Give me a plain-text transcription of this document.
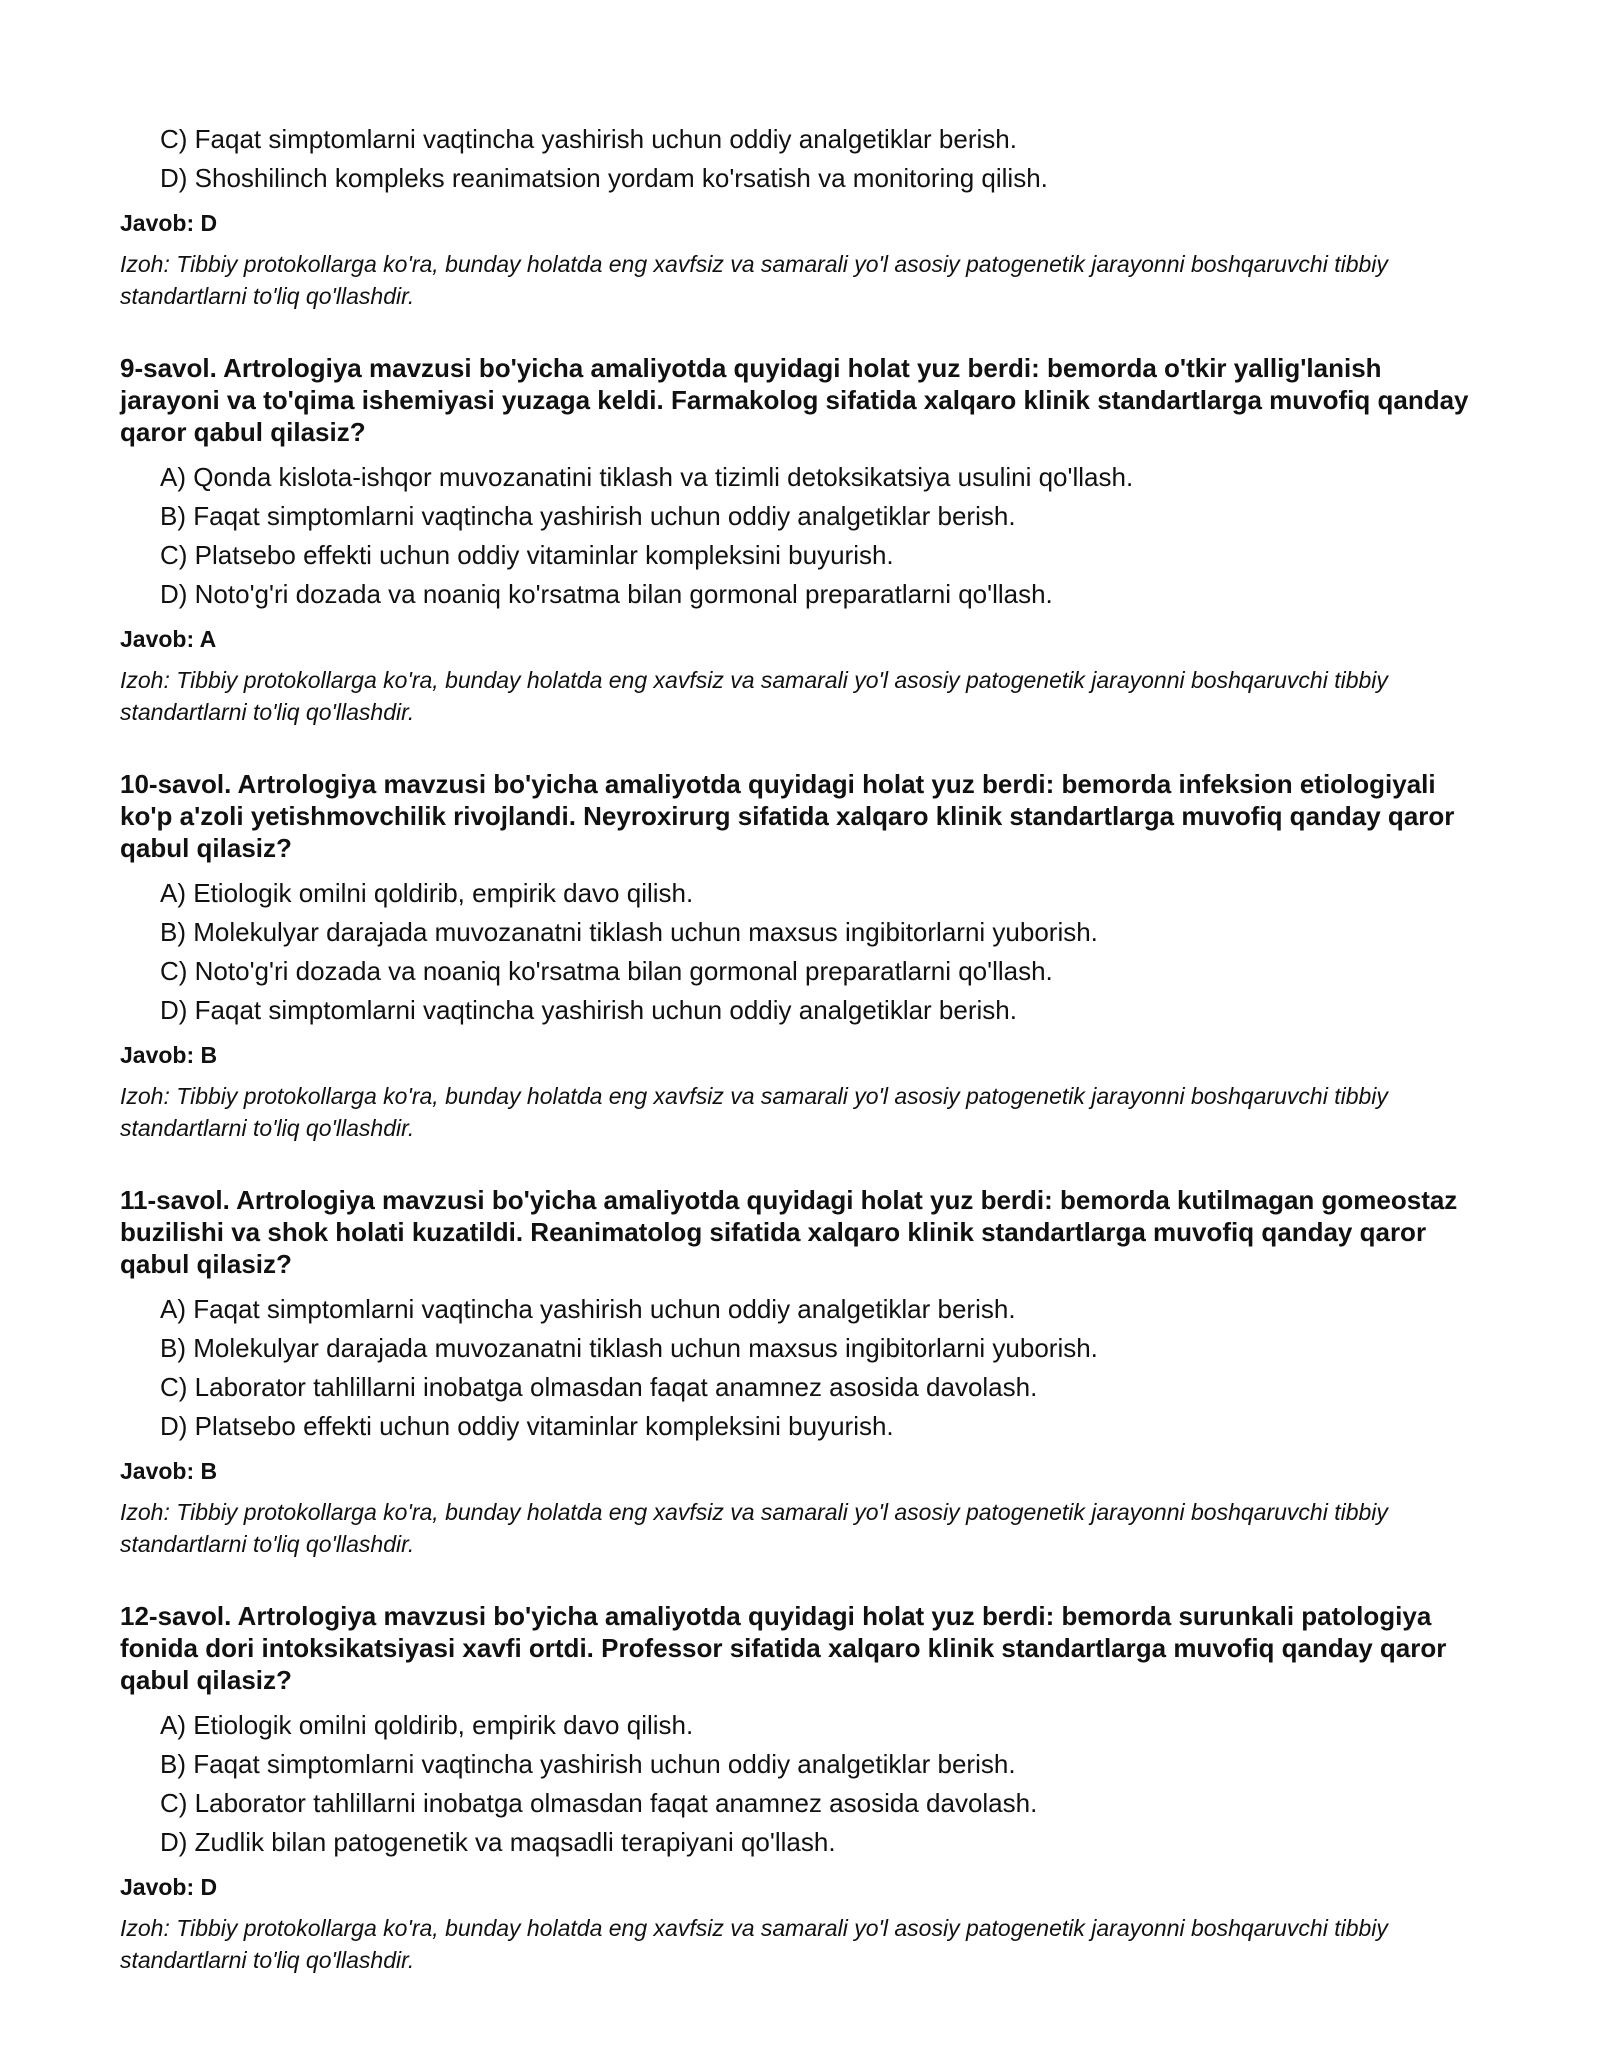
C) Faqat simptomlarni vaqtincha yashirish uchun oddiy analgetiklar berish.
D) Shoshilinch kompleks reanimatsion yordam ko'rsatish va monitoring qilish.
Javob: D
Izoh: Tibbiy protokollarga ko'ra, bunday holatda eng xavfsiz va samarali yo'l asosiy patogenetik jarayonni boshqaruvchi tibbiy standartlarni to'liq qo'llashdir.
9-savol. Artrologiya mavzusi bo'yicha amaliyotda quyidagi holat yuz berdi: bemorda o'tkir yallig'lanish jarayoni va to'qima ishemiyasi yuzaga keldi. Farmakolog sifatida xalqaro klinik standartlarga muvofiq qanday qaror qabul qilasiz?
A) Qonda kislota-ishqor muvozanatini tiklash va tizimli detoksikatsiya usulini qo'llash.
B) Faqat simptomlarni vaqtincha yashirish uchun oddiy analgetiklar berish.
C) Platsebo effekti uchun oddiy vitaminlar kompleksini buyurish.
D) Noto'g'ri dozada va noaniq ko'rsatma bilan gormonal preparatlarni qo'llash.
Javob: A
Izoh: Tibbiy protokollarga ko'ra, bunday holatda eng xavfsiz va samarali yo'l asosiy patogenetik jarayonni boshqaruvchi tibbiy standartlarni to'liq qo'llashdir.
10-savol. Artrologiya mavzusi bo'yicha amaliyotda quyidagi holat yuz berdi: bemorda infeksion etiologiyali ko'p a'zoli yetishmovchilik rivojlandi. Neyroxirurg sifatida xalqaro klinik standartlarga muvofiq qanday qaror qabul qilasiz?
A) Etiologik omilni qoldirib, empirik davo qilish.
B) Molekulyar darajada muvozanatni tiklash uchun maxsus ingibitorlarni yuborish.
C) Noto'g'ri dozada va noaniq ko'rsatma bilan gormonal preparatlarni qo'llash.
D) Faqat simptomlarni vaqtincha yashirish uchun oddiy analgetiklar berish.
Javob: B
Izoh: Tibbiy protokollarga ko'ra, bunday holatda eng xavfsiz va samarali yo'l asosiy patogenetik jarayonni boshqaruvchi tibbiy standartlarni to'liq qo'llashdir.
11-savol. Artrologiya mavzusi bo'yicha amaliyotda quyidagi holat yuz berdi: bemorda kutilmagan gomeostaz buzilishi va shok holati kuzatildi. Reanimatolog sifatida xalqaro klinik standartlarga muvofiq qanday qaror qabul qilasiz?
A) Faqat simptomlarni vaqtincha yashirish uchun oddiy analgetiklar berish.
B) Molekulyar darajada muvozanatni tiklash uchun maxsus ingibitorlarni yuborish.
C) Laborator tahlillarni inobatga olmasdan faqat anamnez asosida davolash.
D) Platsebo effekti uchun oddiy vitaminlar kompleksini buyurish.
Javob: B
Izoh: Tibbiy protokollarga ko'ra, bunday holatda eng xavfsiz va samarali yo'l asosiy patogenetik jarayonni boshqaruvchi tibbiy standartlarni to'liq qo'llashdir.
12-savol. Artrologiya mavzusi bo'yicha amaliyotda quyidagi holat yuz berdi: bemorda surunkali patologiya fonida dori intoksikatsiyasi xavfi ortdi. Professor sifatida xalqaro klinik standartlarga muvofiq qanday qaror qabul qilasiz?
A) Etiologik omilni qoldirib, empirik davo qilish.
B) Faqat simptomlarni vaqtincha yashirish uchun oddiy analgetiklar berish.
C) Laborator tahlillarni inobatga olmasdan faqat anamnez asosida davolash.
D) Zudlik bilan patogenetik va maqsadli terapiyani qo'llash.
Javob: D
Izoh: Tibbiy protokollarga ko'ra, bunday holatda eng xavfsiz va samarali yo'l asosiy patogenetik jarayonni boshqaruvchi tibbiy standartlarni to'liq qo'llashdir.
